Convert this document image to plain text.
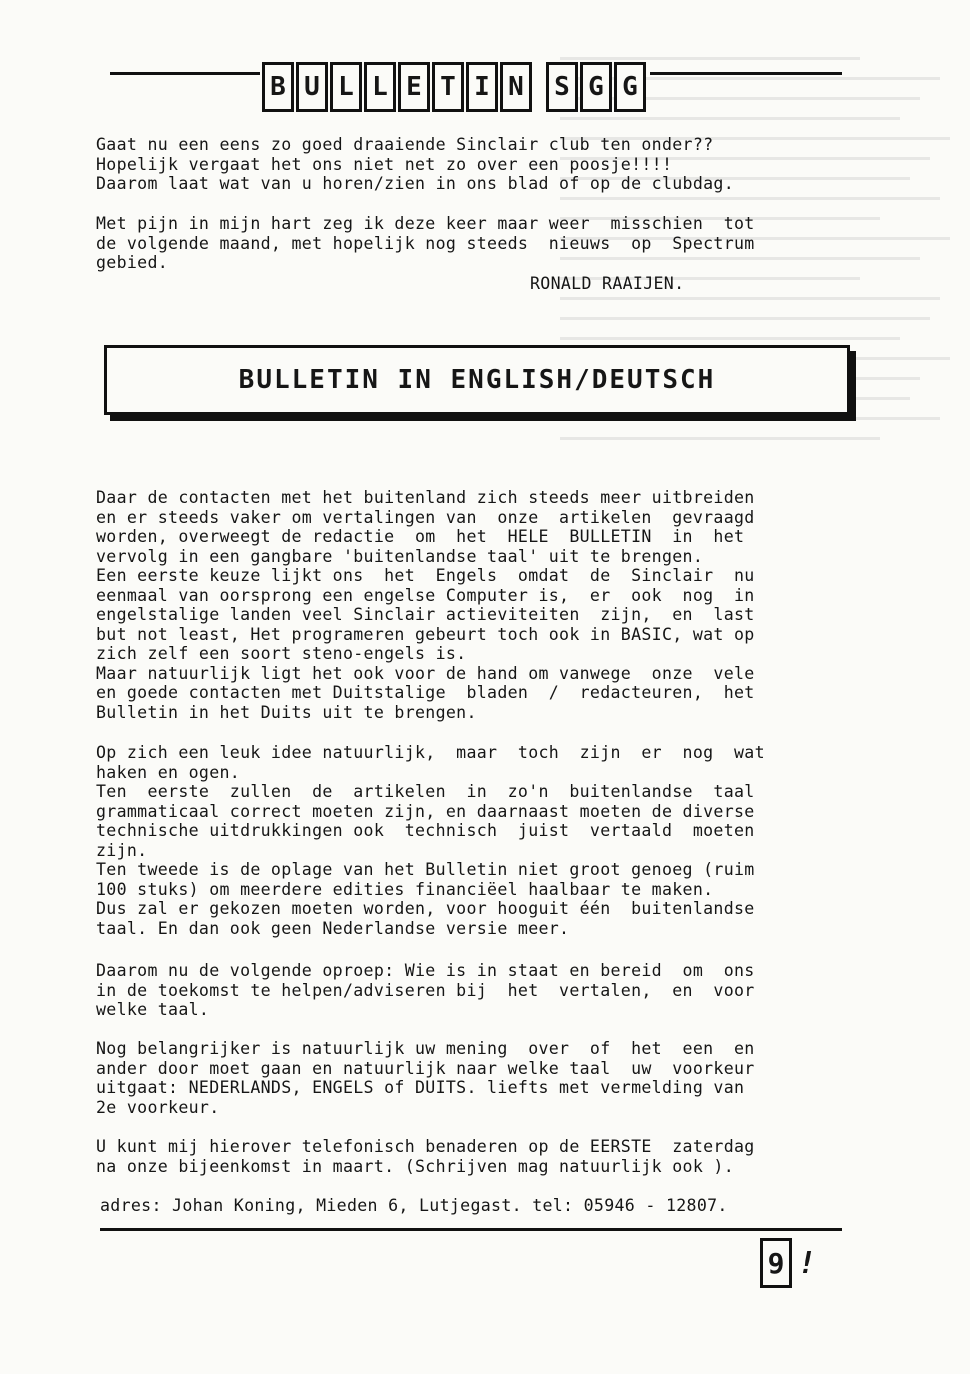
B U L L E T I N	S G G
Gaat nu een eens zo goed draaiende Sinclair club ten onder??
Hopelijk vergaat het ons niet net zo over een poosje!!!!
Daarom laat wat van u horen/zien in ons blad of op de clubdag.
Met pijn in mijn hart zeg ik deze keer maar weer  misschien  tot
de volgende maand, met hopelijk nog steeds  nieuws  op  Spectrum
gebied.
RONALD RAAIJEN.
BULLETIN IN ENGLISH/DEUTSCH
Daar de contacten met het buitenland zich steeds meer uitbreiden
en er steeds vaker om vertalingen van  onze  artikelen  gevraagd
worden, overweegt de redactie  om  het  HELE  BULLETIN  in  het
vervolg in een gangbare 'buitenlandse taal' uit te brengen.
Een eerste keuze lijkt ons  het  Engels  omdat  de  Sinclair  nu
eenmaal van oorsprong een engelse Computer is,  er  ook  nog  in
engelstalige landen veel Sinclair actieviteiten  zijn,  en  last
but not least, Het programeren gebeurt toch ook in BASIC, wat op
zich zelf een soort steno-engels is.
Maar natuurlijk ligt het ook voor de hand om vanwege  onze  vele
en goede contacten met Duitstalige  bladen  /  redacteuren,  het
Bulletin in het Duits uit te brengen.
Op zich een leuk idee natuurlijk,  maar  toch  zijn  er  nog  wat
haken en ogen.
Ten  eerste  zullen  de  artikelen  in  zo'n  buitenlandse  taal
grammaticaal correct moeten zijn, en daarnaast moeten de diverse
technische uitdrukkingen ook  technisch  juist  vertaald  moeten
zijn.
Ten tweede is de oplage van het Bulletin niet groot genoeg (ruim
100 stuks) om meerdere edities financiëel haalbaar te maken.
Dus zal er gekozen moeten worden, voor hooguit één  buitenlandse
taal. En dan ook geen Nederlandse versie meer.
Daarom nu de volgende oproep: Wie is in staat en bereid  om  ons
in de toekomst te helpen/adviseren bij  het  vertalen,  en  voor
welke taal.
Nog belangrijker is natuurlijk uw mening  over  of  het  een  en
ander door moet gaan en natuurlijk naar welke taal  uw  voorkeur
uitgaat: NEDERLANDS, ENGELS of DUITS. liefts met vermelding van
2e voorkeur.
U kunt mij hierover telefonisch benaderen op de EERSTE  zaterdag
na onze bijeenkomst in maart. (Schrijven mag natuurlijk ook ).
adres: Johan Koning, Mieden 6, Lutjegast. tel: 05946 - 12807.
9 !
